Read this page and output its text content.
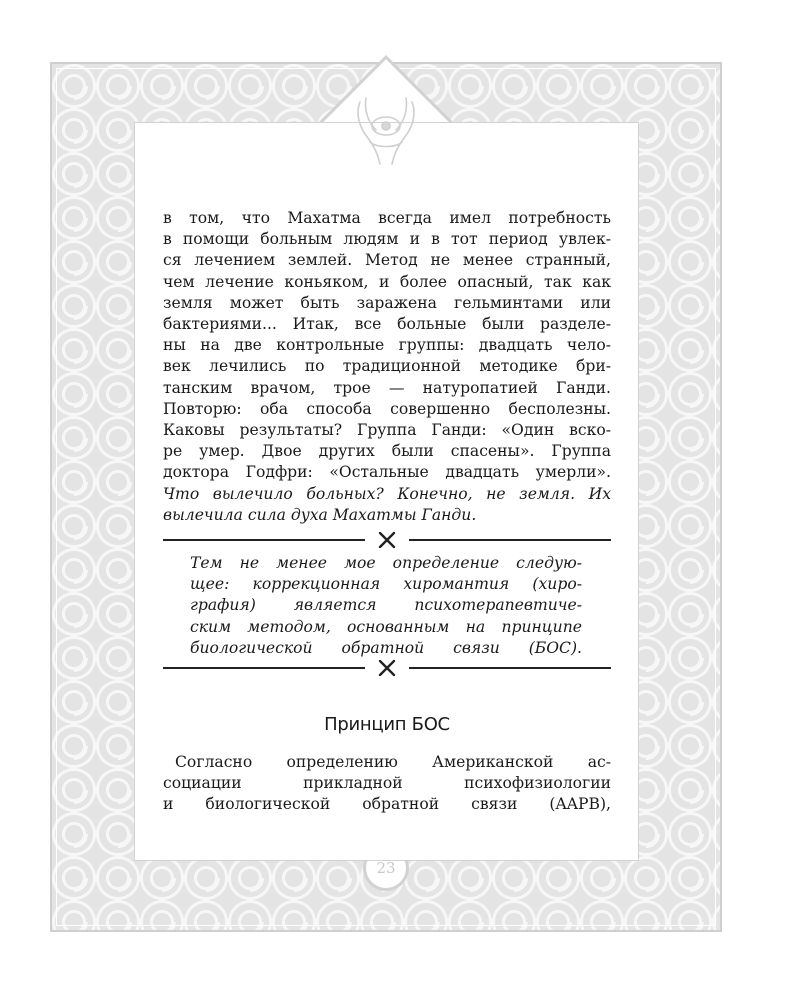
23
в том, что Махатма всегда имел потребность
в помощи больным людям и в тот период увлек-
ся лечением землей. Метод не менее странный,
чем лечение коньяком, и более опасный, так как
земля может быть заражена гельминтами или
бактериями... Итак, все больные были разделе-
ны на две контрольные группы: двадцать чело-
век лечились по традиционной методике бри-
танским врачом, трое — натуропатией Ганди.
Повторю: оба способа совершенно бесполезны.
Каковы результаты? Группа Ганди: «Один вско-
ре умер. Двое других были спасены». Группа
доктора Годфри: «Остальные двадцать умерли».
Что вылечило больных? Конечно, не земля. Их
вылечила сила духа Махатмы Ганди.
Тем не менее мое определение следую-
щее: коррекционная хиромантия (хиро-
графия) является психотерапевтиче-
ским методом, основанным на принципе
биологической обратной связи (БОС).
Принцип БОС
Согласно определению Американской ас-
социации прикладной психофизиологии
и биологической обратной связи (AAPB),
